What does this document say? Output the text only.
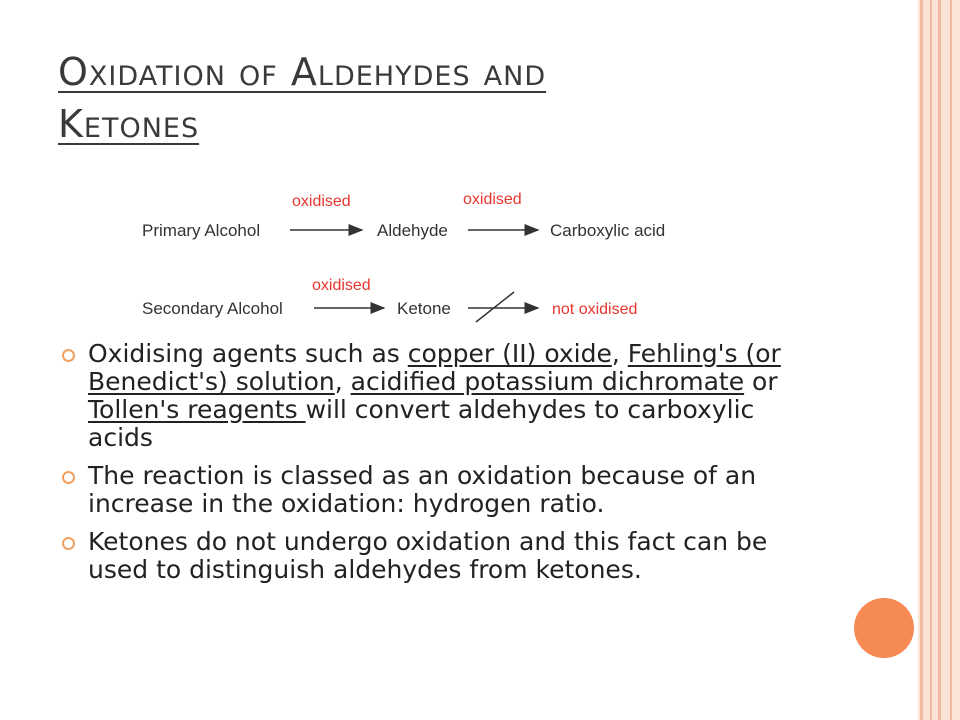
Oxidation of Aldehydes and
Ketones
Primary Alcohol
oxidised
Aldehyde
oxidised
Carboxylic acid
Secondary Alcohol
oxidised
Ketone	not oxidised
Oxidising agents such as copper (II) oxide, Fehling's (or Benedict's) solution, acidified potassium dichromate or Tollen's reagents will convert aldehydes to carboxylic acids
The reaction is classed as an oxidation because of an increase in the oxidation: hydrogen ratio.
Ketones do not undergo oxidation and this fact can be used to distinguish aldehydes from ketones.
